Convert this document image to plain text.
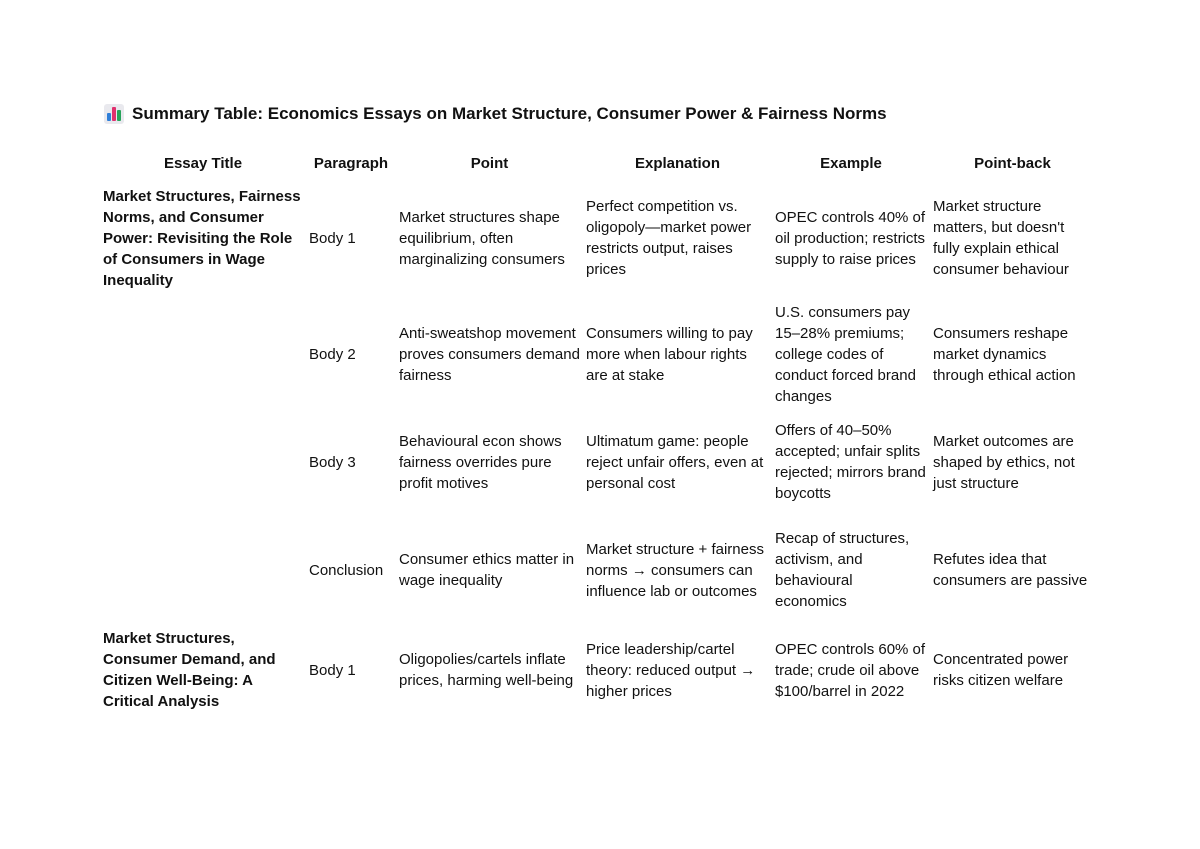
Summary Table: Economics Essays on Market Structure, Consumer Power & Fairness Norms
Essay Title	Paragraph	Point	Explanation	Example	Point-back
Market Structures, Fairness Norms, and Consumer Power: Revisiting the Role of Consumers in Wage Inequality	Body 1	Market structures shape equilibrium, often marginalizing consumers	Perfect competition vs. oligopoly—market power restricts output, raises prices	OPEC controls 40% of oil production; restricts supply to raise prices	Market structure matters, but doesn't fully explain ethical consumer behaviour
	Body 2	Anti-sweatshop movement proves consumers demand fairness	Consumers willing to pay more when labour rights are at stake	U.S. consumers pay 15–28% premiums; college codes of conduct forced brand changes	Consumers reshape market dynamics through ethical action
	Body 3	Behavioural econ shows fairness overrides pure profit motives	Ultimatum game: people reject unfair offers, even at personal cost	Offers of 40–50% accepted; unfair splits rejected; mirrors brand boycotts	Market outcomes are shaped by ethics, not just structure
	Conclusion	Consumer ethics matter in wage inequality	Market structure + fairness norms → consumers can influence lab or outcomes	Recap of structures, activism, and behavioural economics	Refutes idea that consumers are passive
Market Structures, Consumer Demand, and Citizen Well-Being: A Critical Analysis	Body 1	Oligopolies/cartels inflate prices, harming well-being	Price leadership/cartel theory: reduced output → higher prices	OPEC controls 60% of trade; crude oil above $100/barrel in 2022	Concentrated power risks citizen welfare
